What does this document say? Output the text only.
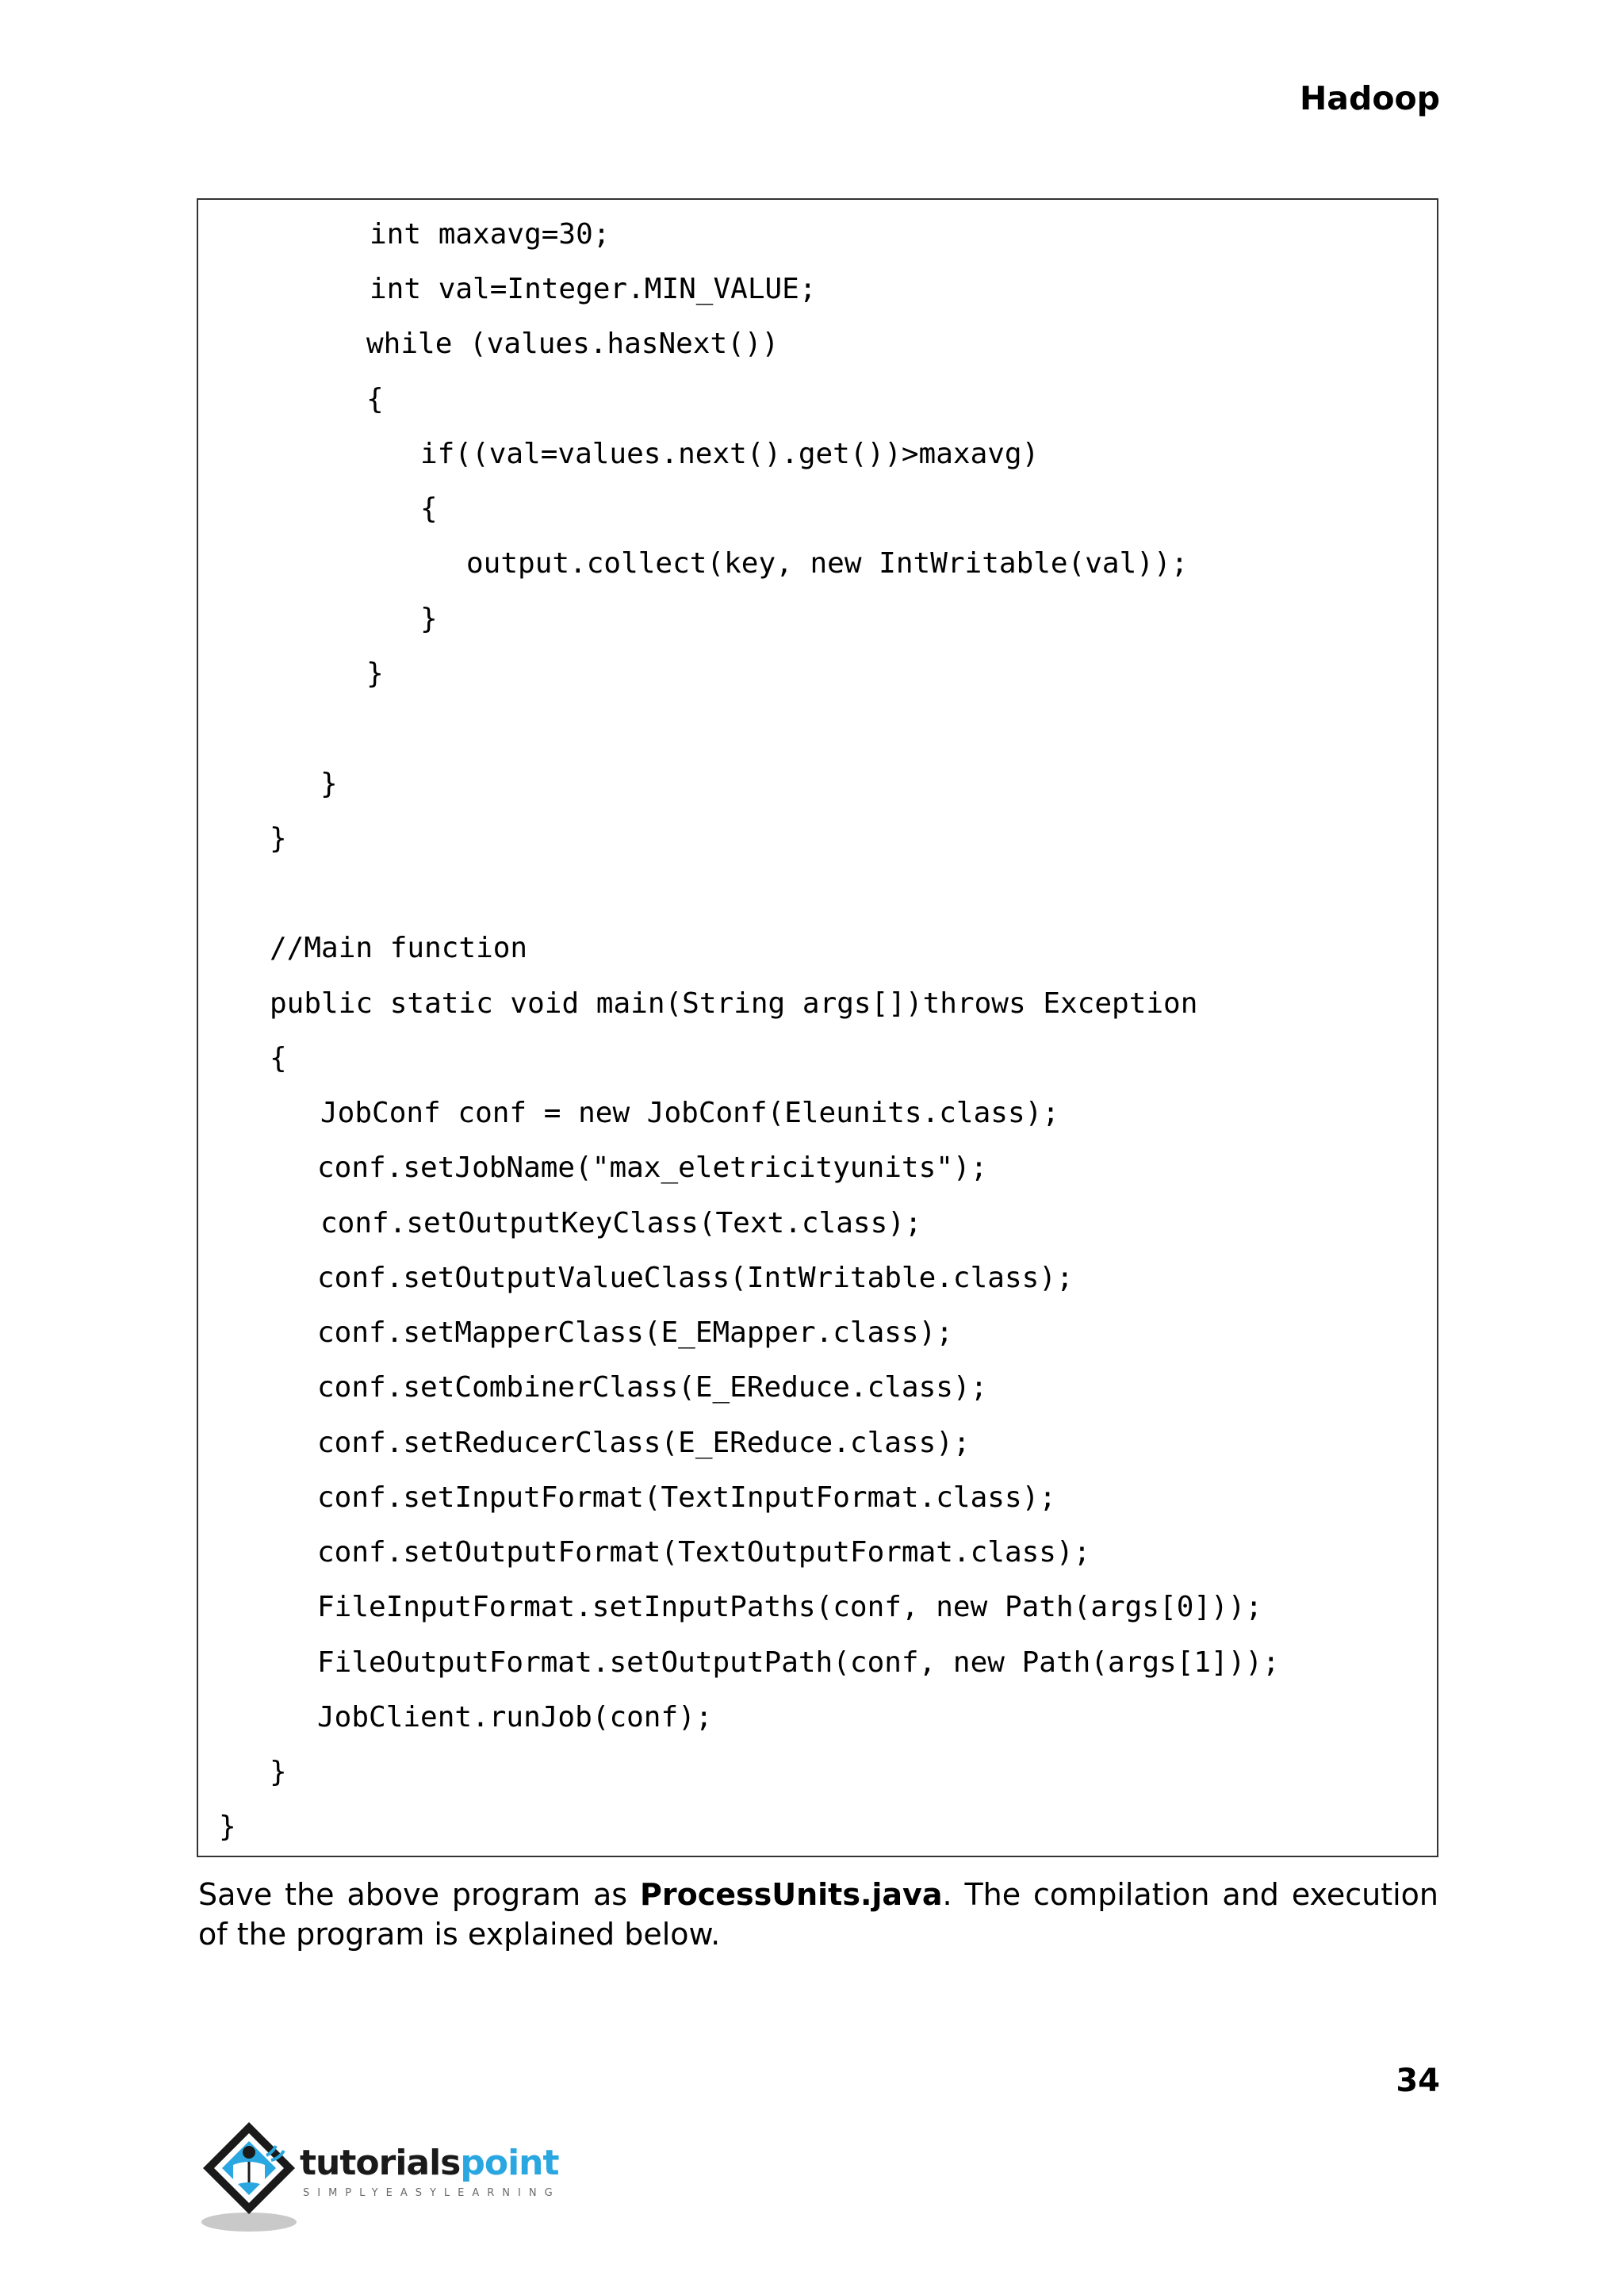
Hadoop
int maxavg=30;
int val=Integer.MIN_VALUE;
while (values.hasNext())
{
if((val=values.next().get())>maxavg)
{
output.collect(key, new IntWritable(val));
}
}
}
}
//Main function
public static void main(String args[])throws Exception
{
JobConf conf = new JobConf(Eleunits.class);
conf.setJobName("max_eletricityunits");
conf.setOutputKeyClass(Text.class);
conf.setOutputValueClass(IntWritable.class);
conf.setMapperClass(E_EMapper.class);
conf.setCombinerClass(E_EReduce.class);
conf.setReducerClass(E_EReduce.class);
conf.setInputFormat(TextInputFormat.class);
conf.setOutputFormat(TextOutputFormat.class);
FileInputFormat.setInputPaths(conf, new Path(args[0]));
FileOutputFormat.setOutputPath(conf, new Path(args[1]));
JobClient.runJob(conf);
}
}

Save the above program as ProcessUnits.java. The compilation and execution of the program is explained below.

34
tutorialspoint
SIMPLYEASYLEARNING
